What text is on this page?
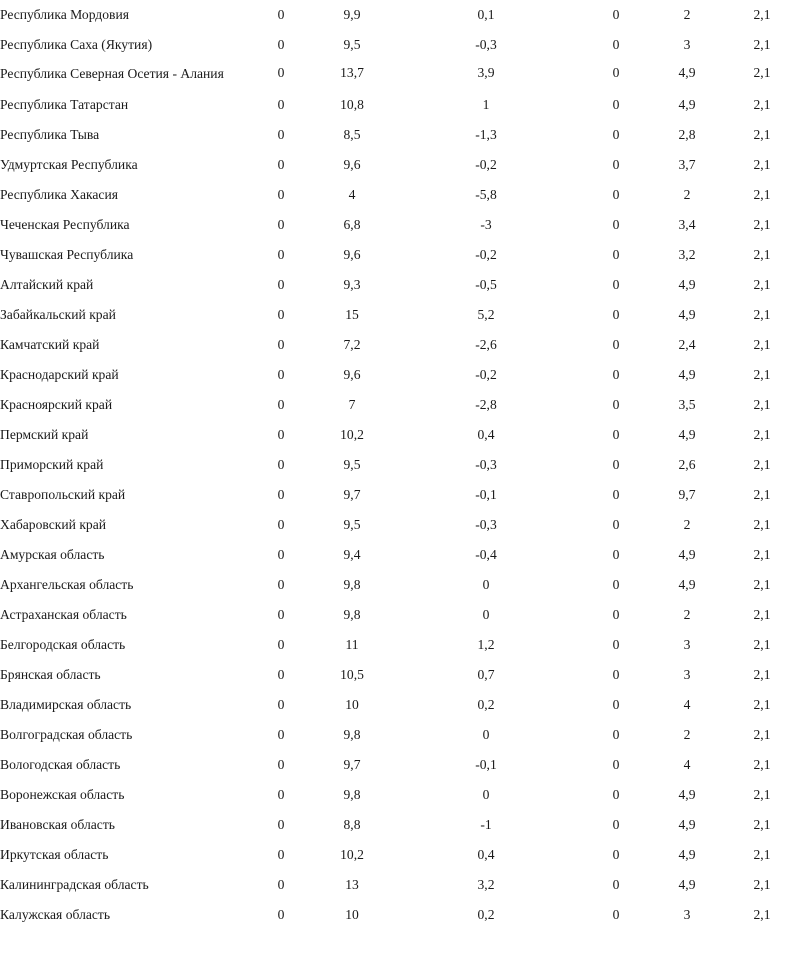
Республика Мордовия	0	9,9	0,1	0	2	2,1
Республика Саха (Якутия)	0	9,5	-0,3	0	3	2,1
Республика Северная Осетия - Алания	0	13,7	3,9	0	4,9	2,1
Республика Татарстан	0	10,8	1	0	4,9	2,1
Республика Тыва	0	8,5	-1,3	0	2,8	2,1
Удмуртская Республика	0	9,6	-0,2	0	3,7	2,1
Республика Хакасия	0	4	-5,8	0	2	2,1
Чеченская Республика	0	6,8	-3	0	3,4	2,1
Чувашская Республика	0	9,6	-0,2	0	3,2	2,1
Алтайский край	0	9,3	-0,5	0	4,9	2,1
Забайкальский край	0	15	5,2	0	4,9	2,1
Камчатский край	0	7,2	-2,6	0	2,4	2,1
Краснодарский край	0	9,6	-0,2	0	4,9	2,1
Красноярский край	0	7	-2,8	0	3,5	2,1
Пермский край	0	10,2	0,4	0	4,9	2,1
Приморский край	0	9,5	-0,3	0	2,6	2,1
Ставропольский край	0	9,7	-0,1	0	9,7	2,1
Хабаровский край	0	9,5	-0,3	0	2	2,1
Амурская область	0	9,4	-0,4	0	4,9	2,1
Архангельская область	0	9,8	0	0	4,9	2,1
Астраханская область	0	9,8	0	0	2	2,1
Белгородская область	0	11	1,2	0	3	2,1
Брянская область	0	10,5	0,7	0	3	2,1
Владимирская область	0	10	0,2	0	4	2,1
Волгоградская область	0	9,8	0	0	2	2,1
Вологодская область	0	9,7	-0,1	0	4	2,1
Воронежская область	0	9,8	0	0	4,9	2,1
Ивановская область	0	8,8	-1	0	4,9	2,1
Иркутская область	0	10,2	0,4	0	4,9	2,1
Калининградская область	0	13	3,2	0	4,9	2,1
Калужская область	0	10	0,2	0	3	2,1
